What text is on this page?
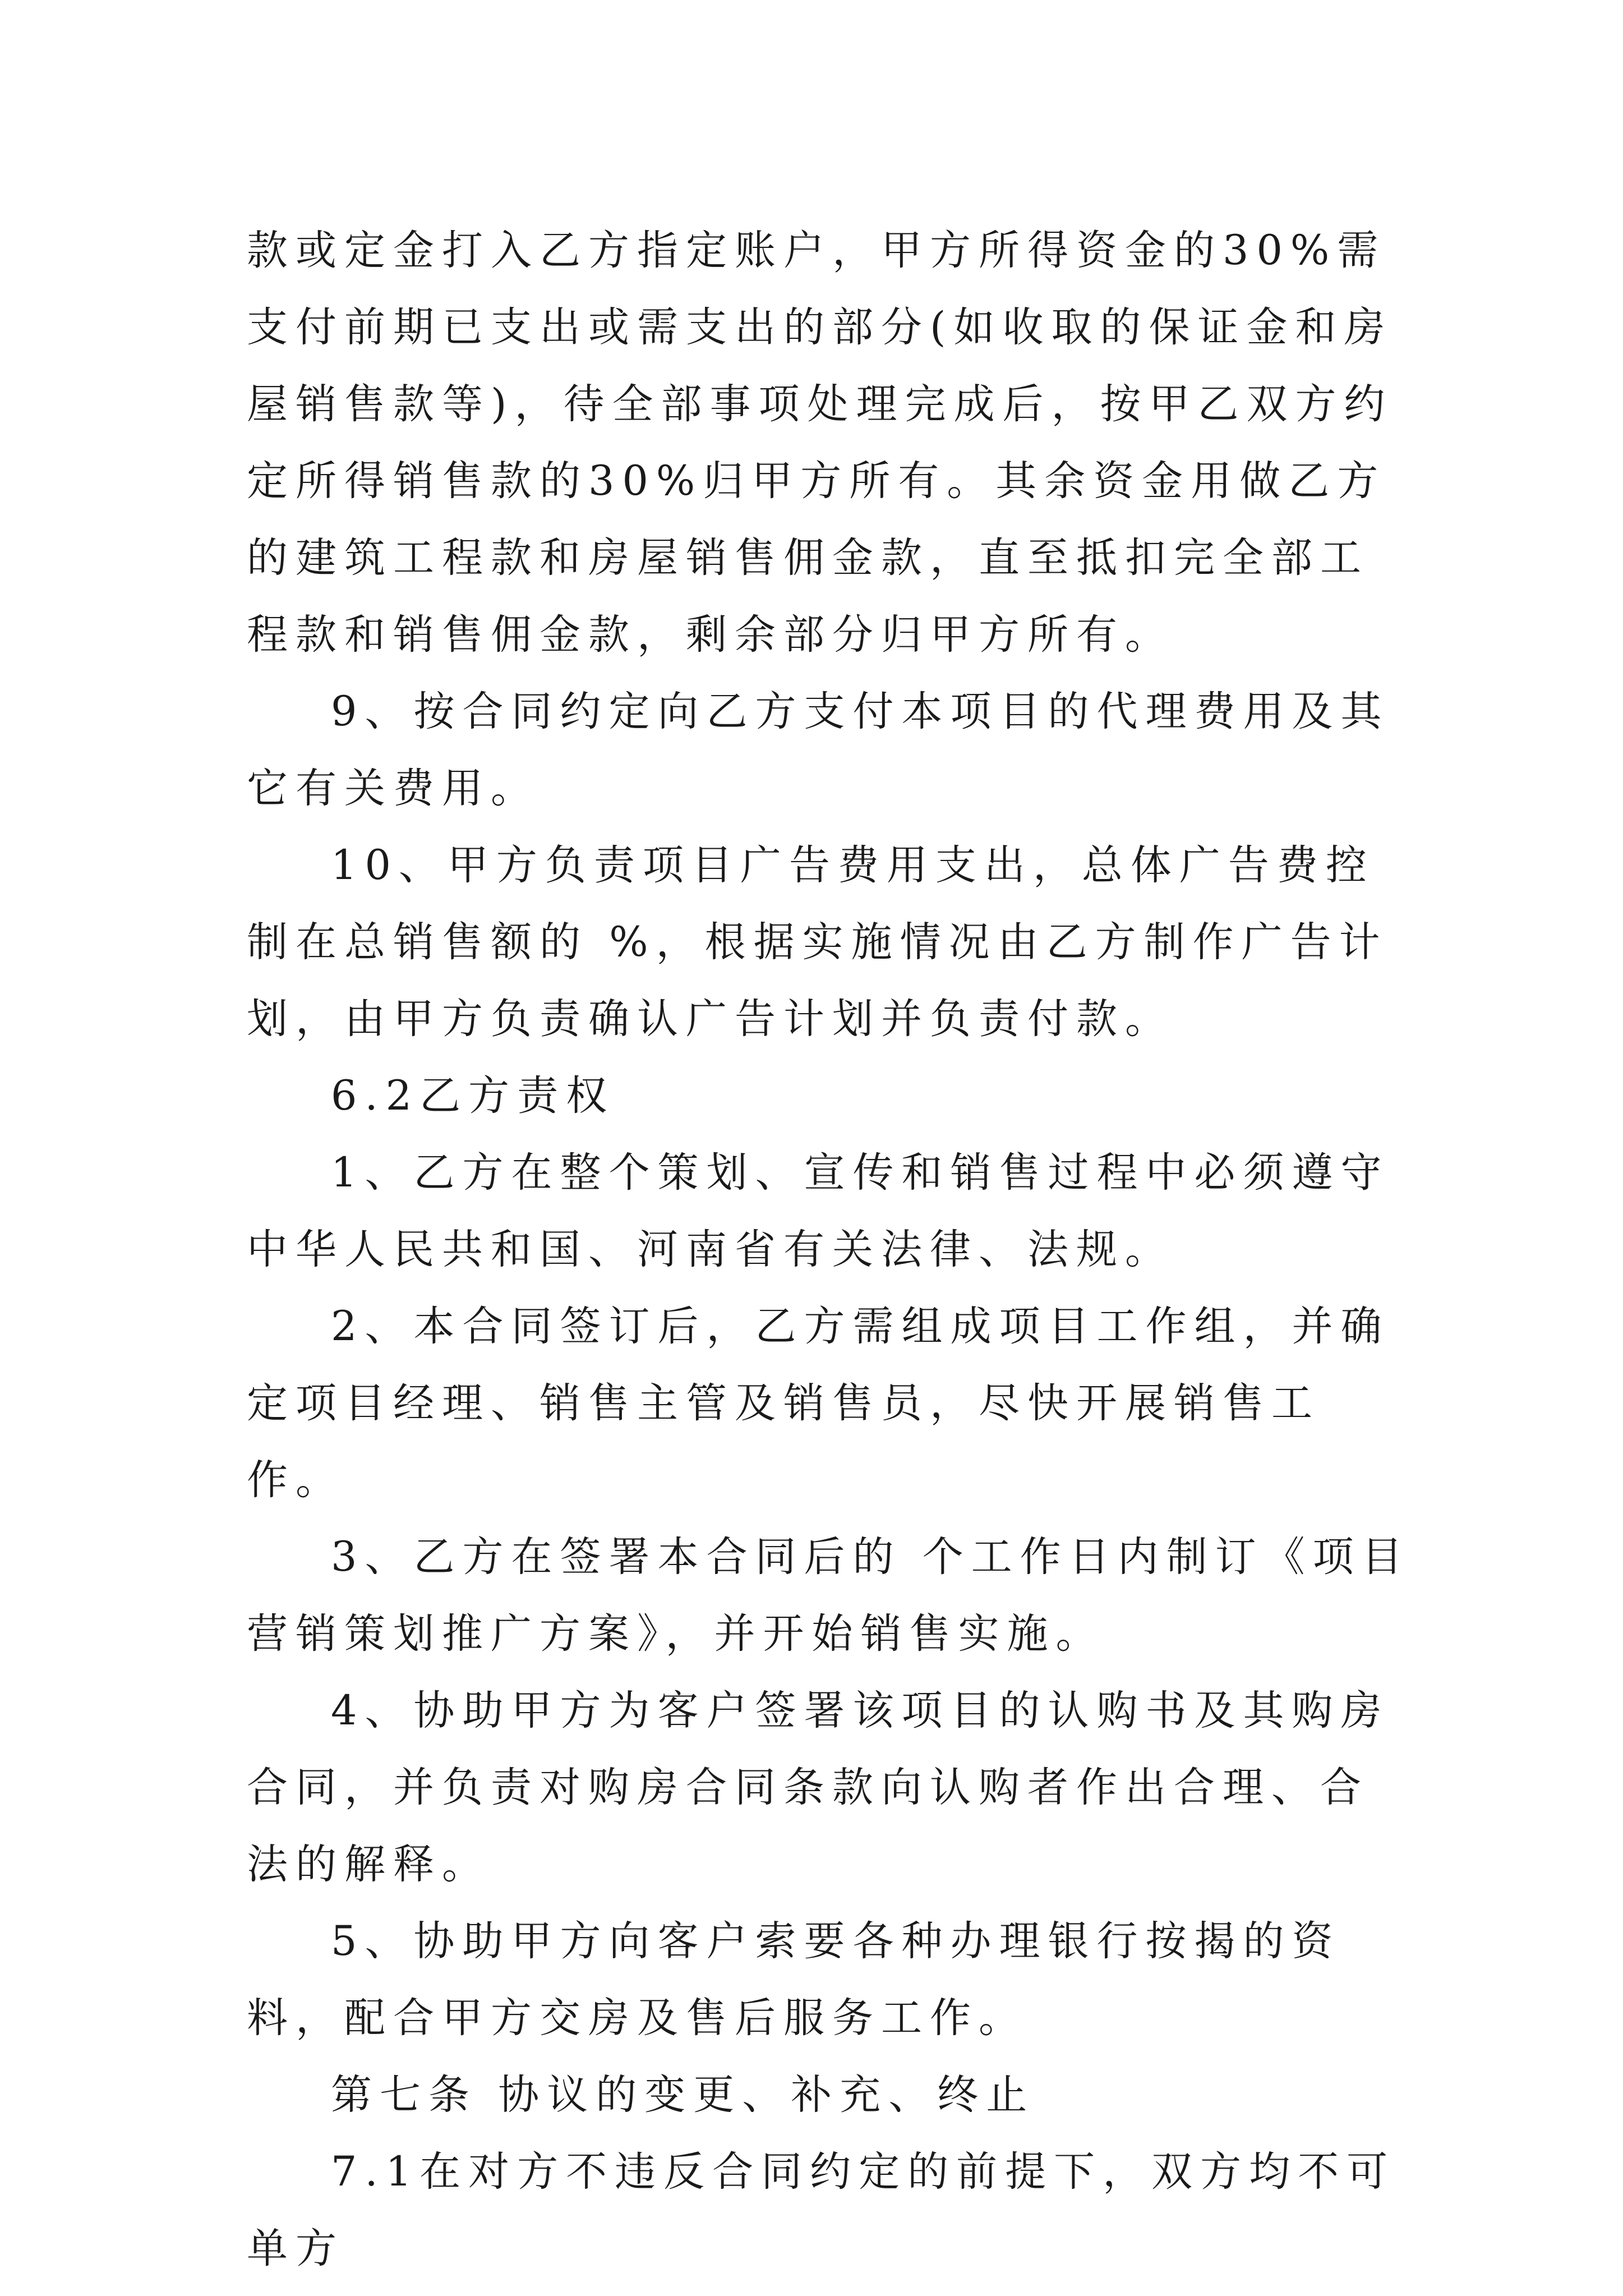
款或定金打入乙方指定账户，甲方所得资金的30%需支付前期已支出或需支出的部分(如收取的保证金和房屋销售款等)，待全部事项处理完成后，按甲乙双方约定所得销售款的30%归甲方所有。其余资金用做乙方的建筑工程款和房屋销售佣金款，直至抵扣完全部工程款和销售佣金款，剩余部分归甲方所有。

9、按合同约定向乙方支付本项目的代理费用及其它有关费用。

10、甲方负责项目广告费用支出，总体广告费控制在总销售额的 %，根据实施情况由乙方制作广告计划，由甲方负责确认广告计划并负责付款。

6.2乙方责权

1、乙方在整个策划、宣传和销售过程中必须遵守中华人民共和国、河南省有关法律、法规。

2、本合同签订后，乙方需组成项目工作组，并确定项目经理、销售主管及销售员，尽快开展销售工作。

3、乙方在签署本合同后的 个工作日内制订《项目营销策划推广方案》，并开始销售实施。

4、协助甲方为客户签署该项目的认购书及其购房合同，并负责对购房合同条款向认购者作出合理、合法的解释。

5、协助甲方向客户索要各种办理银行按揭的资料，配合甲方交房及售后服务工作。

第七条 协议的变更、补充、终止

7.1在对方不违反合同约定的前提下，双方均不可单方
